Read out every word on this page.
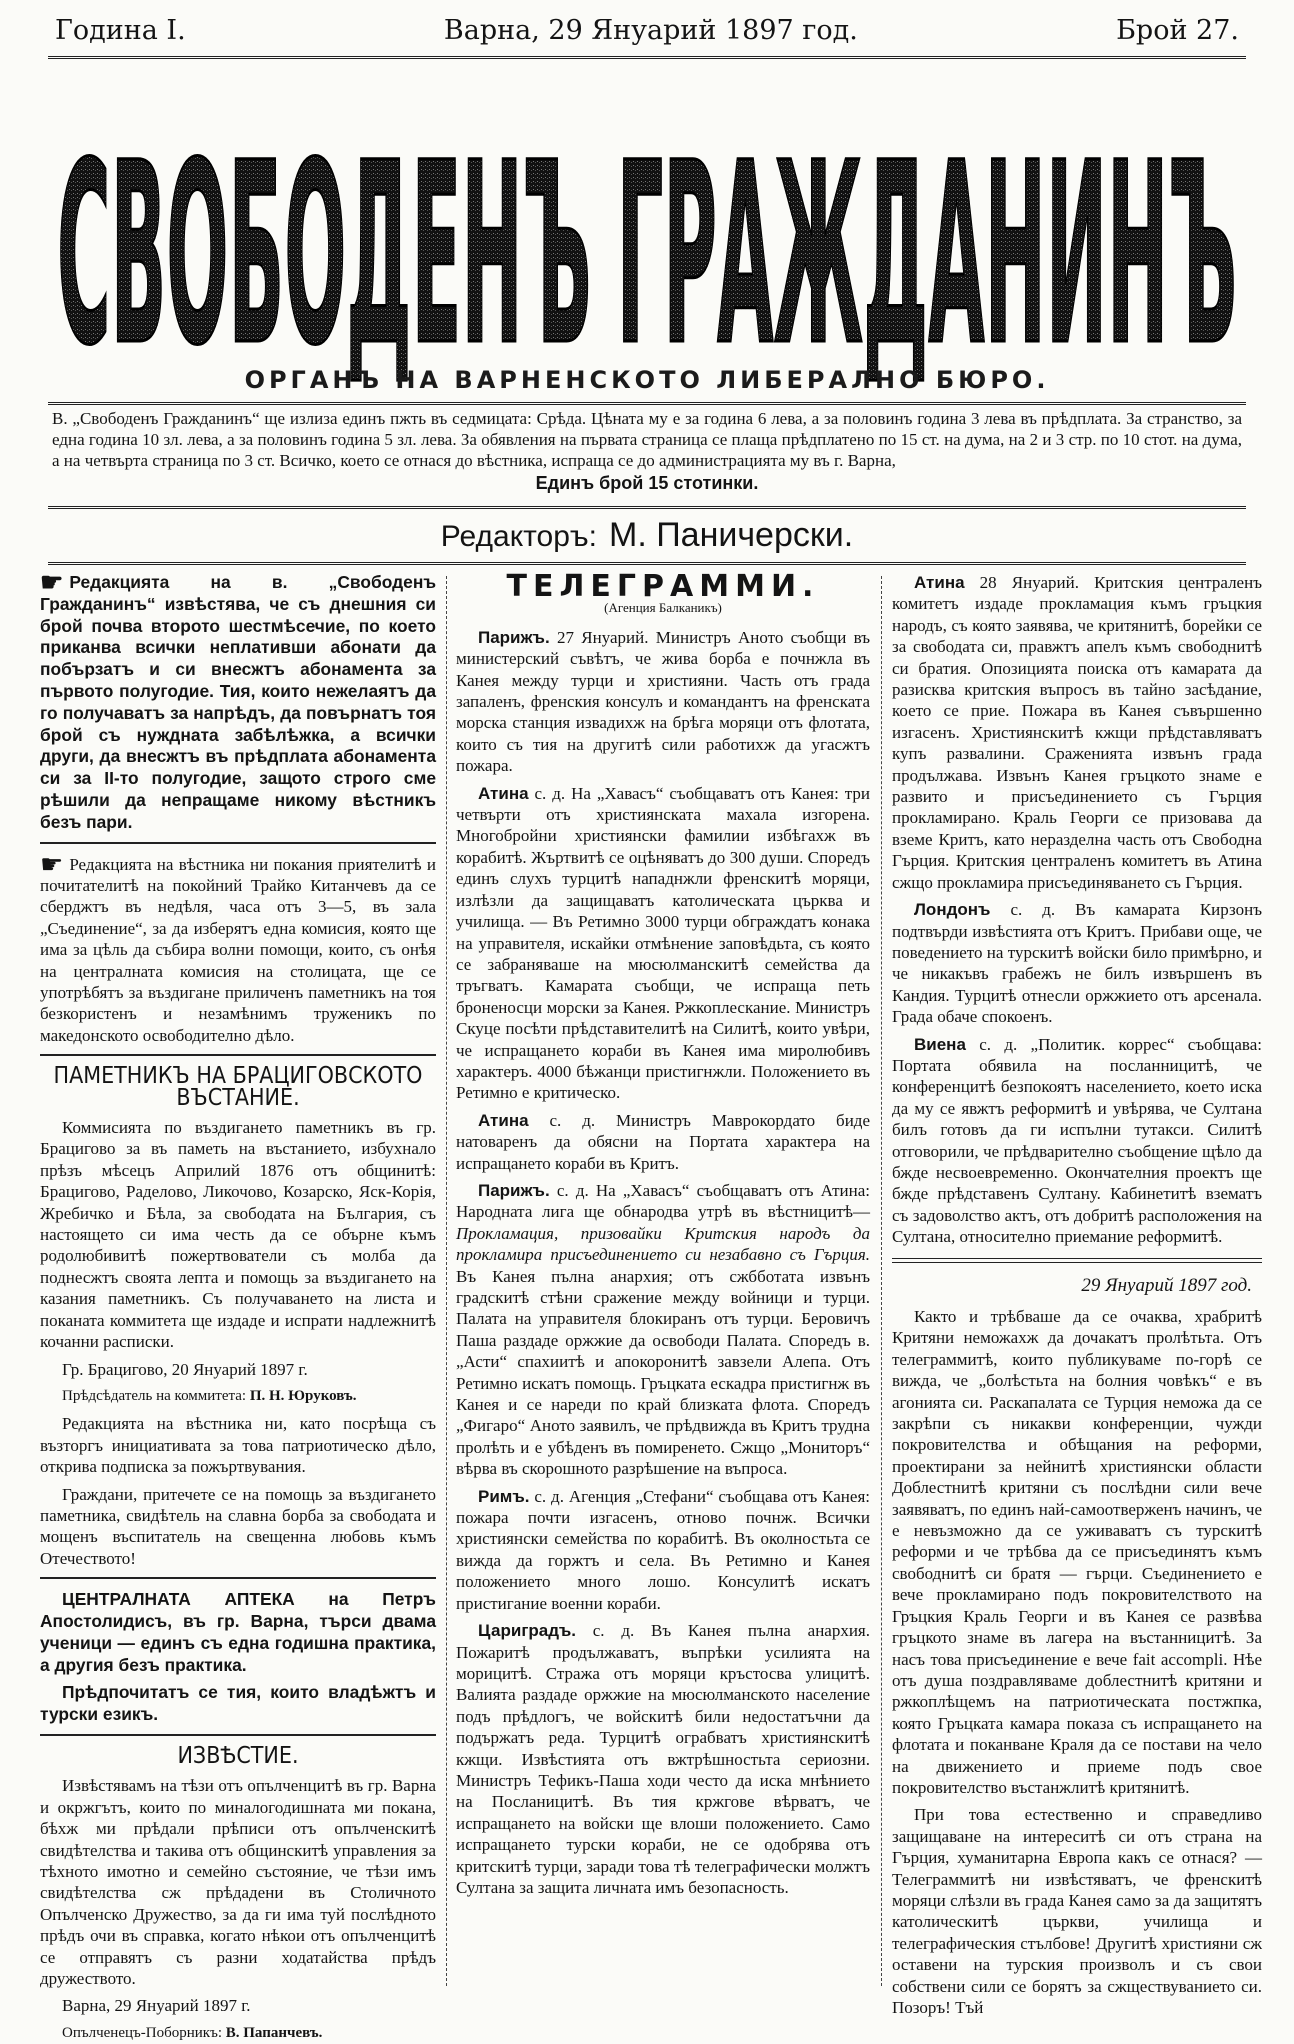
Година I.	Варна, 29 Януарий 1897 год.	Брой 27.
СВОБОДЕНЪ ГРАЖДАНИНЪ
ОРГАНЪ НА ВАРНЕНСКОТО ЛИБЕРАЛНО БЮРО.
В. „Свободенъ Гражданинъ“ ще излиза единъ пжть въ седмицата: Срѣда. Цѣната му е за година 6 лева, а за половинъ година 3 лева въ прѣдплата. За странство, за една година 10 зл. лева, а за половинъ година 5 зл. лева. За обявления на първата страница се плаща прѣдплатено по 15 ст. на дума, на 2 и 3 стр. по 10 стот. на дума, а на четвърта страница по 3 ст. Всичко, което се отнася до вѣстника, испраща се до администрацията му въ г. Варна,
Единъ брой 15 стотинки.
Редакторъ: М. Паничерски.

☛ Редакцията на в. „Свободенъ Гражданинъ“ извѣстява, че съ днешния си брой почва второто шестмѣсечие, по което приканва всички неплативши абонати да побързатъ и си внесжтъ абонамента за първото полугодие. Тия, които нежелаятъ да го получаватъ за напрѣдъ, да повърнатъ тоя брой съ нуждната забѣлѣжка, а всички други, да внесжтъ въ прѣдплата абонамента си за II-то полугодие, защото строго сме рѣшили да непращаме никому вѣстникъ безъ пари.

☛ Редакцията на вѣстника ни покания приятелитѣ и почитателитѣ на покойний Трайко Китанчевъ да се сберджтъ въ недѣля, часа отъ 3—5, въ зала „Съединение“, за да изберятъ една комисия, която ще има за цѣль да събира волни помощи, които, съ онѣя на централната комисия на столицата, ще се употрѣбятъ за въздигане приличенъ паметникъ на тоя безкористенъ и незамѣнимъ труженикъ по македонското освободително дѣло.

ПАМЕТНИКЪ НА БРАЦИГОВСКОТО ВЪСТАНИЕ.

Коммисията по въздигането паметникъ въ гр. Брацигово за въ паметь на въстанието, избухнало прѣзъ мѣсецъ Априлий 1876 отъ общинитѣ: Брацигово, Раделово, Ликочово, Козарско, Яск-Корія, Жребичко и Бѣла, за свободата на България, съ настоящето си има честь да се обърне къмъ родолюбивитѣ пожертвователи съ молба да поднесжтъ своята лепта и помощь за въздигането на казания паметникъ. Съ получаването на листа и поканата коммитета ще издаде и испрати надлежнитѣ кочанни расписки.

Гр. Брацигово, 20 Януарий 1897 г.

Прѣдсѣдатель на коммитета: П. Н. Юруковъ.

Редакцията на вѣстника ни, като посрѣща съ възторгъ инициативата за това патриотическо дѣло, открива подписка за пожъртвувания.

Граждани, притечете се на помощь за въздигането паметника, свидѣтель на славна борба за свободата и мощенъ въспитатель на свещенна любовь къмъ Отечеството!

ЦЕНТРАЛНАТА АПТЕКА на Петръ Апостолидисъ, въ гр. Варна, търси двама ученици — единъ съ една годишна практика, а другия безъ практика.

Прѣдпочитатъ се тия, които владѣжтъ и турски езикъ.

ИЗВѢСТИЕ.

Извѣстявамъ на тѣзи отъ опълченцитѣ въ гр. Варна и окржгътъ, които по миналогодишната ми покана, бѣхж ми прѣдали прѣписи отъ опълченскитѣ свидѣтелства и такива отъ общинскитѣ управления за тѣхното имотно и семейно състояние, че тѣзи имъ свидѣтелства сж прѣдадени въ Столичното Опълченско Дружество, за да ги има туй послѣдното прѣдъ очи въ справка, когато нѣкои отъ опълченцитѣ се отправятъ съ разни ходатайства прѣдъ дружеството.

Варна, 29 Януарий 1897 г.

Опълченецъ-Поборникъ: В. Папанчевъ.

ТЕЛЕГРАММИ.
(Агенция Балканикъ)

Парижъ. 27 Януарий. Министръ Аното съобщи въ министерский съвѣтъ, че жива борба е почнжла въ Канея между турци и християни. Часть отъ града запаленъ, френския консулъ и командантъ на френската морска станция извадихж на брѣга моряци отъ флотата, които съ тия на другитѣ сили работихж да угасжтъ пожара.

Атина с. д. На „Хавасъ“ съобщаватъ отъ Канея: три четвърти отъ християнската махала изгорена. Многобройни християнски фамилии избѣгахж въ корабитѣ. Жъртвитѣ се оцѣняватъ до 300 души. Споредъ единъ слухъ турцитѣ нападнжли френскитѣ моряци, излѣзли да защищаватъ католическата църква и училища. — Въ Ретимно 3000 турци обграждатъ конака на управителя, искайки отмѣнение заповѣдьта, съ която се забраняваше на мюсюлманскитѣ семейства да тръгватъ. Камарата съобщи, че испраща петь броненосци морски за Канея. Ржкоплескание. Министръ Скуце посѣти прѣдставителитѣ на Силитѣ, които увѣри, че испращането кораби въ Канея има миролюбивъ характеръ. 4000 бѣжанци пристигнжли. Положението въ Ретимно е критическо.

Атина с. д. Министръ Маврокордато биде натоваренъ да обясни на Портата характера на испращането кораби въ Критъ.

Парижъ. с. д. На „Хавасъ“ съобщаватъ отъ Атина: Народната лига ще обнародва утрѣ въ вѣстницитѣ—Прокламация, призовайки Критския народъ да прокламира присъединението си незабавно съ Гърция. Въ Канея пълна анархия; отъ сжбботата извънъ градскитѣ стѣни сражение между войници и турци. Палата на управителя блокиранъ отъ турци. Беровичъ Паша раздаде оржжие да освободи Палата. Споредъ в. „Асти“ спахиитѣ и апокоронитѣ завзели Алепа. Отъ Ретимно искатъ помощь. Гръцката ескадра пристигнж въ Канея и се нареди по край близката флота. Споредъ „Фигаро“ Аното заявилъ, че прѣдвижда въ Критъ трудна пролѣть и е убѣденъ въ помиренето. Сжщо „Мониторъ“ вѣрва въ скорошното разрѣшение на въпроса.

Римъ. с. д. Агенция „Стефани“ съобщава отъ Канея: пожара почти изгасенъ, отново почнж. Всички християнски семейства по корабитѣ. Въ околностьта се вижда да горжтъ и села. Въ Ретимно и Канея положението много лошо. Консулитѣ искатъ пристигание военни кораби.

Цариградъ. с. д. Въ Канея пълна анархия. Пожаритѣ продължаватъ, въпрѣки усилията на морицитѣ. Стража отъ моряци кръстосва улицитѣ. Валията раздаде оржжие на мюсюлманското население подъ прѣдлогъ, че войскитѣ били недостатъчни да подържатъ реда. Турцитѣ ограбватъ християнскитѣ кжщи. Извѣстията отъ вжтрѣшностьта сериозни. Министръ Тефикъ-Паша ходи често да иска мнѣнието на Посланицитѣ. Въ тия кржгове вѣрватъ, че испращането на войски ще влоши положението. Само испращането турски кораби, не се одобрява отъ критскитѣ турци, заради това тѣ телеграфически молжтъ Султана за защита личната имъ безопасность.

Атина 28 Януарий. Критския централенъ комитетъ издаде прокламация къмъ гръцкия народъ, съ която заявява, че критянитѣ, борейки се за свободата си, правжтъ апелъ къмъ свободнитѣ си братия. Опозицията поиска отъ камарата да разисква критския въпросъ въ тайно засѣдание, което се прие. Пожара въ Канея съвършенно изгасенъ. Християнскитѣ кжщи прѣдставляватъ купъ развалини. Сраженията извънъ града продължава. Извънъ Канея гръцкото знаме е развито и присъединението съ Гърция прокламирано. Краль Георги се призовава да вземе Критъ, като неразделна часть отъ Свободна Гърция. Критския централенъ комитетъ въ Атина сжщо прокламира присъединяването съ Гърция.

Лондонъ с. д. Въ камарата Кирзонъ подтвърди извѣстията отъ Критъ. Прибави още, че поведението на турскитѣ войски било примѣрно, и че никакъвъ грабежъ не билъ извършенъ въ Кандия. Турцитѣ отнесли оржжието отъ арсенала. Града обаче спокоенъ.

Виена с. д. „Политик. коррес“ съобщава: Портата обявила на посланницитѣ, че конференцитѣ безпокоятъ населението, което иска да му се явжтъ реформитѣ и увѣрява, че Султана билъ готовъ да ги испълни тутакси. Силитѣ отговорили, че прѣдварително съобщение щѣло да бжде несвоевременно. Окончателния проектъ ще бжде прѣдставенъ Султану. Кабинетитѣ взематъ съ задоволство актъ, отъ добритѣ расположения на Султана, относително приемание реформитѣ.

29 Януарий 1897 год.

Както и трѣбваше да се очаква, храбритѣ Критяни неможахж да дочакатъ пролѣтьта. Отъ телеграммитѣ, които публикуваме по-горѣ се вижда, че „болѣстьта на болния човѣкъ“ е въ агонията си. Раскапалата се Турция неможа да се закрѣпи съ никакви конференции, чужди покровителства и обѣщания на реформи, проектирани за нейнитѣ християнски области Доблестнитѣ критяни съ послѣдни сили вече заявяватъ, по единъ най-самоотверженъ начинъ, че е невъзможно да се уживаватъ съ турскитѣ реформи и че трѣбва да се присъединятъ къмъ свободнитѣ си братя — гърци. Съединението е вече прокламирано подъ покровителството на Гръцкия Краль Георги и въ Канея се развѣва гръцкото знаме въ лагера на въстанницитѣ. За насъ това присъединение е вече fait accompli. Нѣе отъ душа поздравляваме доблестнитѣ критяни и ржкоплѣщемъ на патриотическата постжпка, която Гръцката камара показа съ испращането на флотата и поканване Краля да се постави на чело на движението и приеме подъ свое покровителство въстанжлитѣ критянитѣ.

При това естественно и справедливо защищаване на интереситѣ си отъ страна на Гърция, хуманитарна Европа какъ се отнася? — Телеграммитѣ ни извѣстяватъ, че френскитѣ моряци слѣзли въ града Канея само за да защитятъ католическитѣ църкви, училища и телеграфическия стълбове! Другитѣ християни сж оставени на турския произволъ и съ свои собствени сили се борятъ за сжществуванието си. Позоръ! Тъй
